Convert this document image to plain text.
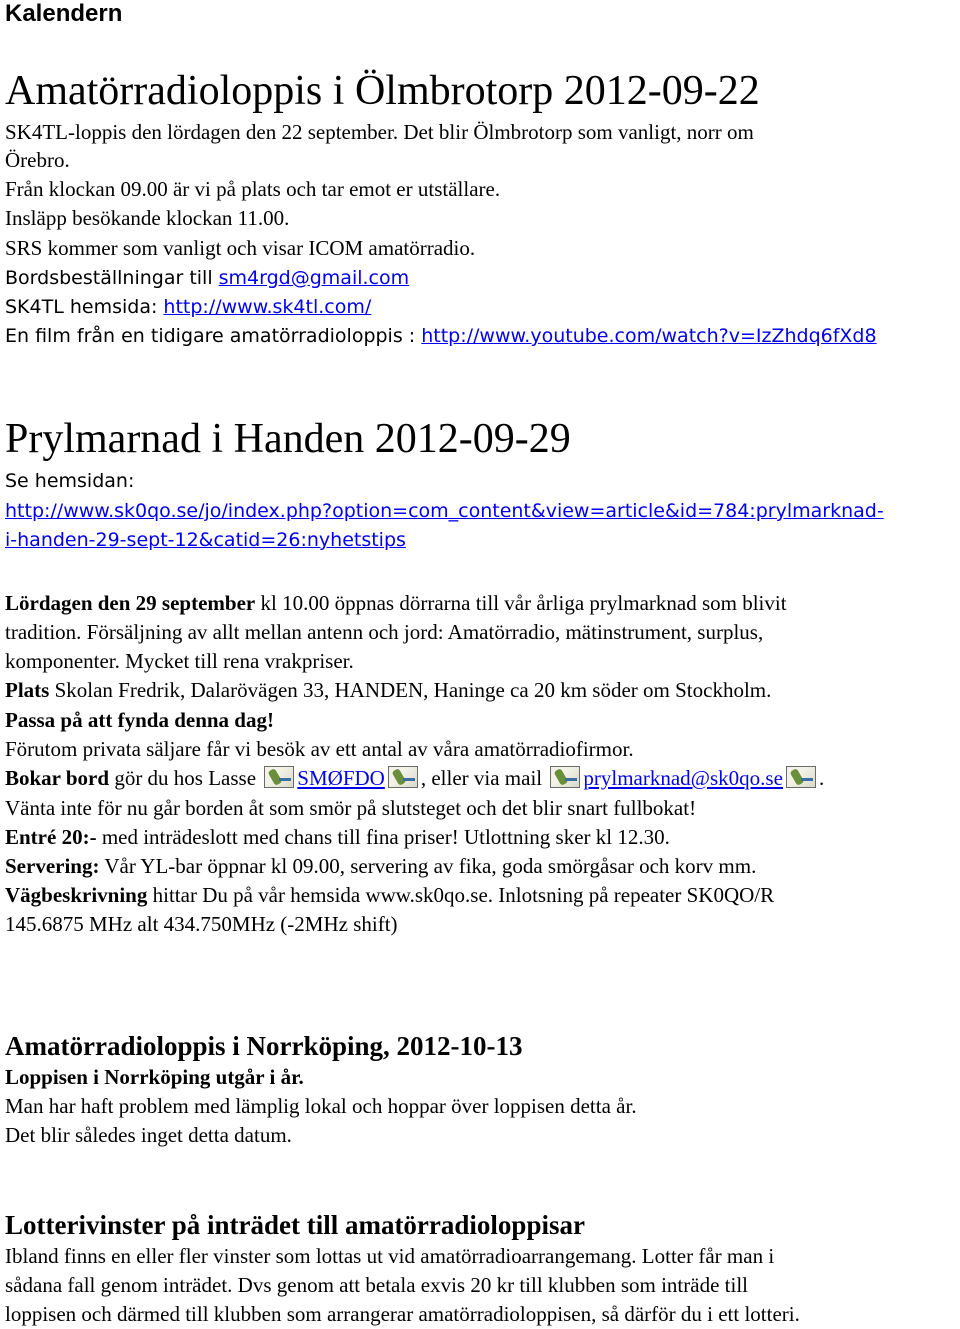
Kalendern
Amatörradioloppis i Ölmbrotorp 2012-09-22
SK4TL-loppis den lördagen den 22 september. Det blir Ölmbrotorp som vanligt, norr om
Örebro.
Från klockan 09.00 är vi på plats och tar emot er utställare.
Insläpp besökande klockan 11.00.
SRS kommer som vanligt och visar ICOM amatörradio.
Bordsbeställningar till sm4rgd@gmail.com
SK4TL hemsida: http://www.sk4tl.com/
En film från en tidigare amatörradioloppis : http://www.youtube.com/watch?v=IzZhdq6fXd8
Prylmarnad i Handen 2012-09-29
Se hemsidan:
http://www.sk0qo.se/jo/index.php?option=com_content&view=article&id=784:prylmarknad-
i-handen-29-sept-12&catid=26:nyhetstips
Lördagen den 29 september kl 10.00 öppnas dörrarna till vår årliga prylmarknad som blivit
tradition. Försäljning av allt mellan antenn och jord: Amatörradio, mätinstrument, surplus,
komponenter. Mycket till rena vrakpriser.
Plats Skolan Fredrik, Dalarövägen 33, HANDEN, Haninge ca 20 km söder om Stockholm.
Passa på att fynda denna dag!
Förutom privata säljare får vi besök av ett antal av våra amatörradiofirmor.
Bokar bord gör du hos Lasse SMØFDO , eller via mail prylmarknad@sk0qo.se .
Vänta inte för nu går borden åt som smör på slutsteget och det blir snart fullbokat!
Entré 20:- med inträdeslott med chans till fina priser! Utlottning sker kl 12.30.
Servering: Vår YL-bar öppnar kl 09.00, servering av fika, goda smörgåsar och korv mm.
Vägbeskrivning hittar Du på vår hemsida www.sk0qo.se. Inlotsning på repeater SK0QO/R
145.6875 MHz alt 434.750MHz (-2MHz shift)
Amatörradioloppis i Norrköping, 2012-10-13
Loppisen i Norrköping utgår i år.
Man har haft problem med lämplig lokal och hoppar över loppisen detta år.
Det blir således inget detta datum.
Lotterivinster på inträdet till amatörradioloppisar
Ibland finns en eller fler vinster som lottas ut vid amatörradioarrangemang. Lotter får man i
sådana fall genom inträdet. Dvs genom att betala exvis 20 kr till klubben som inträde till
loppisen och därmed till klubben som arrangerar amatörradioloppisen, så därför du i ett lotteri.
